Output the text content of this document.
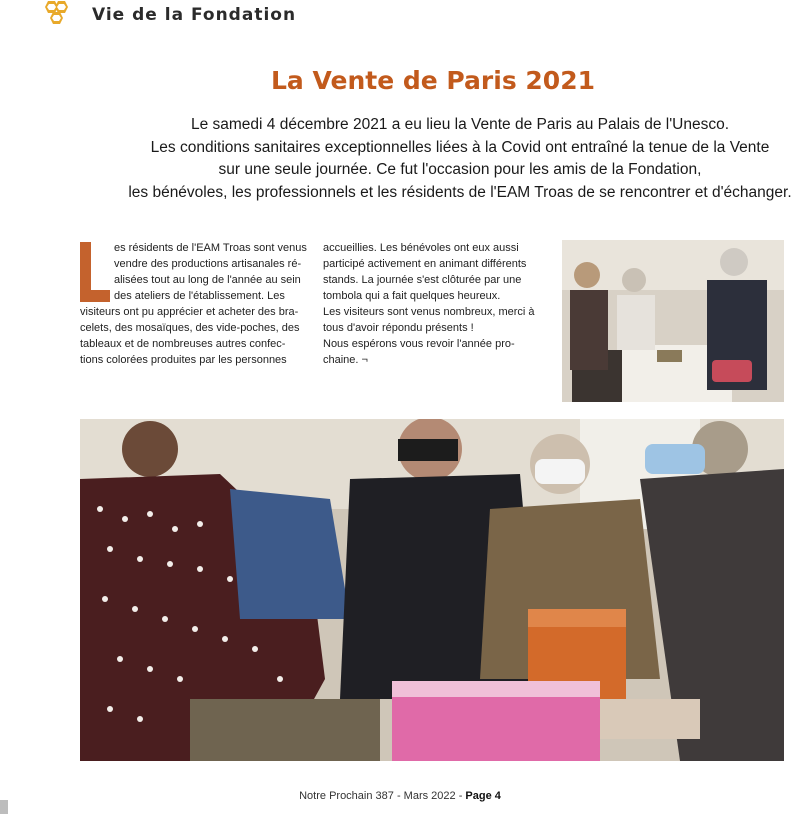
Vie de la Fondation
La Vente de Paris 2021
Le samedi 4 décembre 2021 a eu lieu la Vente de Paris au Palais de l'Unesco.
Les conditions sanitaires exceptionnelles liées à la Covid ont entraîné la tenue de la Vente
sur une seule journée. Ce fut l'occasion pour les amis de la Fondation,
les bénévoles, les professionnels et les résidents de l'EAM Troas de se rencontrer et d'échanger.
es résidents de l'EAM Troas sont venus
vendre des productions artisanales ré-
alisées tout au long de l'année au sein
des ateliers de l'établissement. Les
visiteurs ont pu apprécier et acheter des bra-
celets, des mosaïques, des vide-poches, des
tableaux et de nombreuses autres confec-
tions colorées produites par les personnes
accueillies. Les bénévoles ont eux aussi
participé activement en animant différents
stands. La journée s'est clôturée par une
tombola qui a fait quelques heureux.
Les visiteurs sont venus nombreux, merci à
tous d'avoir répondu présents !
Nous espérons vous revoir l'année pro-
chaine. ¬
Notre Prochain 387 - Mars 2022 - Page 4
